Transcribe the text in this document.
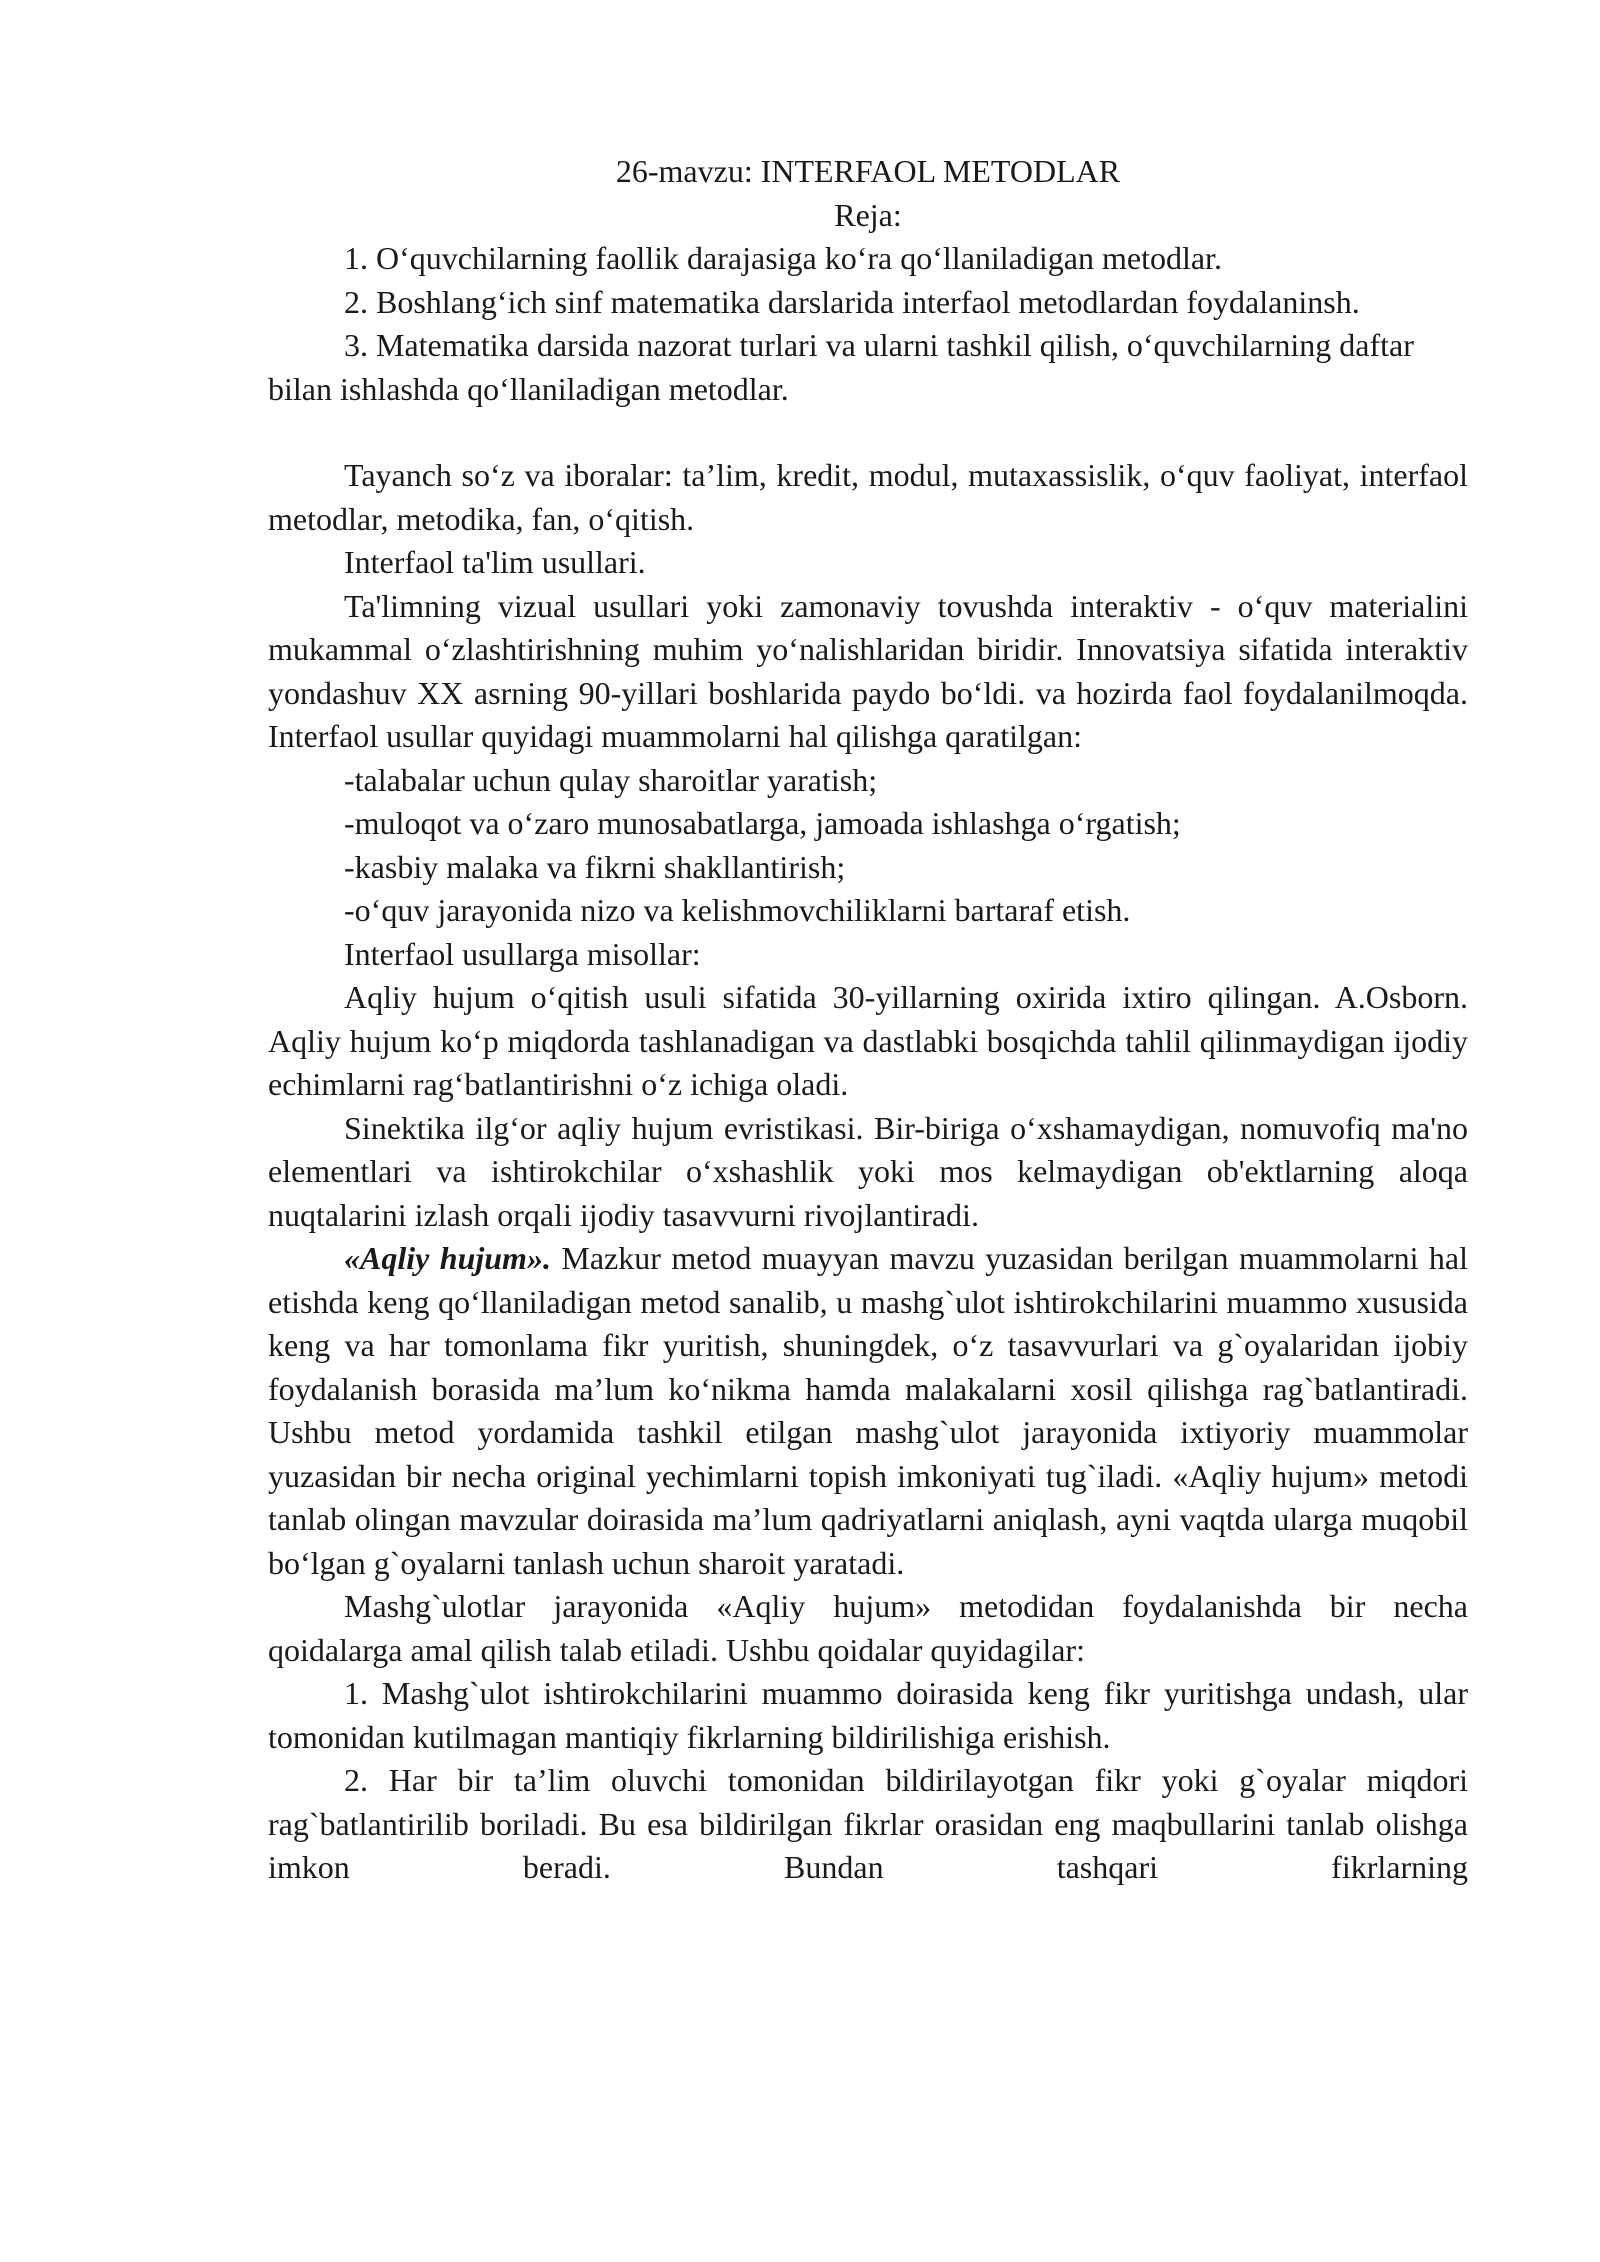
26-mavzu: INTERFAOL METODLAR
Reja:

1. O‘quvchilarning faollik darajasiga ko‘ra qo‘llaniladigan metodlar.

2. Boshlang‘ich sinf matematika darslarida interfaol metodlardan foydalaninsh.

3. Matematika darsida nazorat turlari va ularni tashkil qilish, o‘quvchilarning daftar bilan ishlashda qo‘llaniladigan metodlar.

Tayanch so‘z va iboralar: ta’lim, kredit, modul, mutaxassislik, o‘quv faoliyat, interfaol metodlar, metodika, fan, o‘qitish.

Interfaol ta'lim usullari.

Ta'limning vizual usullari yoki zamonaviy tovushda interaktiv - o‘quv materialini mukammal o‘zlashtirishning muhim yo‘nalishlaridan biridir. Innovatsiya sifatida interaktiv yondashuv XX asrning 90-yillari boshlarida paydo bo‘ldi. va hozirda faol foydalanilmoqda. Interfaol usullar quyidagi muammolarni hal qilishga qaratilgan:

-talabalar uchun qulay sharoitlar yaratish;

-muloqot va o‘zaro munosabatlarga, jamoada ishlashga o‘rgatish;

-kasbiy malaka va fikrni shakllantirish;

-o‘quv jarayonida nizo va kelishmovchiliklarni bartaraf etish.

Interfaol usullarga misollar:

Aqliy hujum o‘qitish usuli sifatida 30-yillarning oxirida ixtiro qilingan. A.Osborn. Aqliy hujum ko‘p miqdorda tashlanadigan va dastlabki bosqichda tahlil qilinmaydigan ijodiy echimlarni rag‘batlantirishni o‘z ichiga oladi.

Sinektika ilg‘or aqliy hujum evristikasi. Bir-biriga o‘xshamaydigan, nomuvofiq ma'no elementlari va ishtirokchilar o‘xshashlik yoki mos kelmaydigan ob'ektlarning aloqa nuqtalarini izlash orqali ijodiy tasavvurni rivojlantiradi.

«Aqliy hujum». Mazkur metod muayyan mavzu yuzasidan berilgan muammolarni hal etishda keng qo‘llaniladigan metod sanalib, u mashg`ulot ishtirokchilarini muammo xususida keng va har tomonlama fikr yuritish, shuningdek, o‘z tasavvurlari va g`oyalaridan ijobiy foydalanish borasida ma’lum ko‘nikma hamda malakalarni xosil qilishga rag`batlantiradi. Ushbu metod yordamida tashkil etilgan mashg`ulot jarayonida ixtiyoriy muammolar yuzasidan bir necha original yechimlarni topish imkoniyati tug`iladi. «Aqliy hujum» metodi tanlab olingan mavzular doirasida ma’lum qadriyatlarni aniqlash, ayni vaqtda ularga muqobil bo‘lgan g`oyalarni tanlash uchun sharoit yaratadi.

Mashg`ulotlar jarayonida «Aqliy hujum» metodidan foydalanishda bir necha qoidalarga amal qilish talab etiladi. Ushbu qoidalar quyidagilar:

1. Mashg`ulot ishtirokchilarini muammo doirasida keng fikr yuritishga undash, ular tomonidan kutilmagan mantiqiy fikrlarning bildirilishiga erishish.

2. Har bir ta’lim oluvchi tomonidan bildirilayotgan fikr yoki g`oyalar miqdori rag`batlantirilib boriladi. Bu esa bildirilgan fikrlar orasidan eng maqbullarini tanlab olishga imkon beradi. Bundan tashqari fikrlarning
